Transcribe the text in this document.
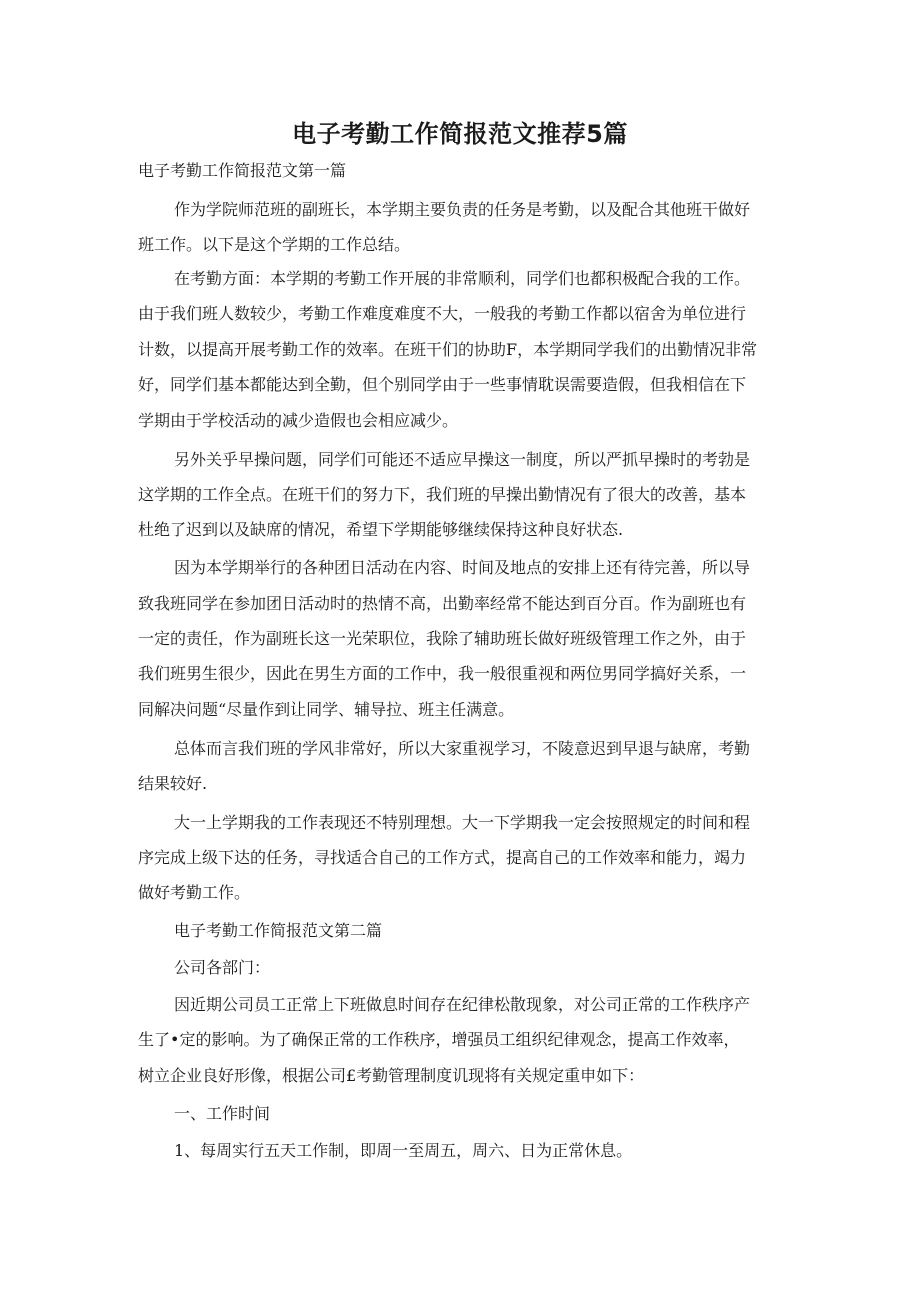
电子考勤工作简报范文推荐5篇
电子考勤工作简报范文第一篇
作为学院师范班的副班长，本学期主要负责的任务是考勤，以及配合其他班干做好
班工作。以下是这个学期的工作总结。
在考勤方面：本学期的考勤工作开展的非常顺利，同学们也都积极配合我的工作。
由于我们班人数较少，考勤工作难度难度不大，一般我的考勤工作都以宿舍为单位进行
计数，以提高开展考勤工作的效率。在班干们的协助F，本学期同学我们的出勤情况非常
好，同学们基本都能达到全勤，但个别同学由于一些事情耽误需要造假，但我相信在下
学期由于学校活动的减少造假也会相应减少。
另外关乎早操问题，同学们可能还不适应早操这一制度，所以严抓早操时的考勃是
这学期的工作全点。在班干们的努力下，我们班的早操出勤情况有了很大的改善，基本
杜绝了迟到以及缺席的情况，希望下学期能够继续保持这种良好状态.
因为本学期举行的各种团日活动在内容、时间及地点的安排上还有待完善，所以导
致我班同学在参加团日活动时的热情不高，出勤率经常不能达到百分百。作为副班也有
一定的责任，作为副班长这一光荣职位，我除了辅助班长做好班级管理工作之外，由于
我们班男生很少，因此在男生方面的工作中，我一般很重视和两位男同学搞好关系，一
同解决问题“尽量作到让同学、辅导拉、班主任满意。
总体而言我们班的学风非常好，所以大家重视学习，不陵意迟到早退与缺席，考勤
结果较好.
大一上学期我的工作表现还不特别理想。大一下学期我一定会按照规定的时间和程
序完成上级下达的任务，寻找适合自己的工作方式，提高自己的工作效率和能力，竭力
做好考勤工作。
电子考勤工作简报范文第二篇
公司各部门：
因近期公司员工正常上下班做息时间存在纪律松散现象，对公司正常的工作秩序产
生了•定的影响。为了确保正常的工作秩序，增强员工组织纪律观念，提高工作效率，
树立企业良好形像，根据公司£考勤管理制度讥现将有关规定重申如下：
一、工作时间
1、每周实行五天工作制，即周一至周五，周六、日为正常休息。
